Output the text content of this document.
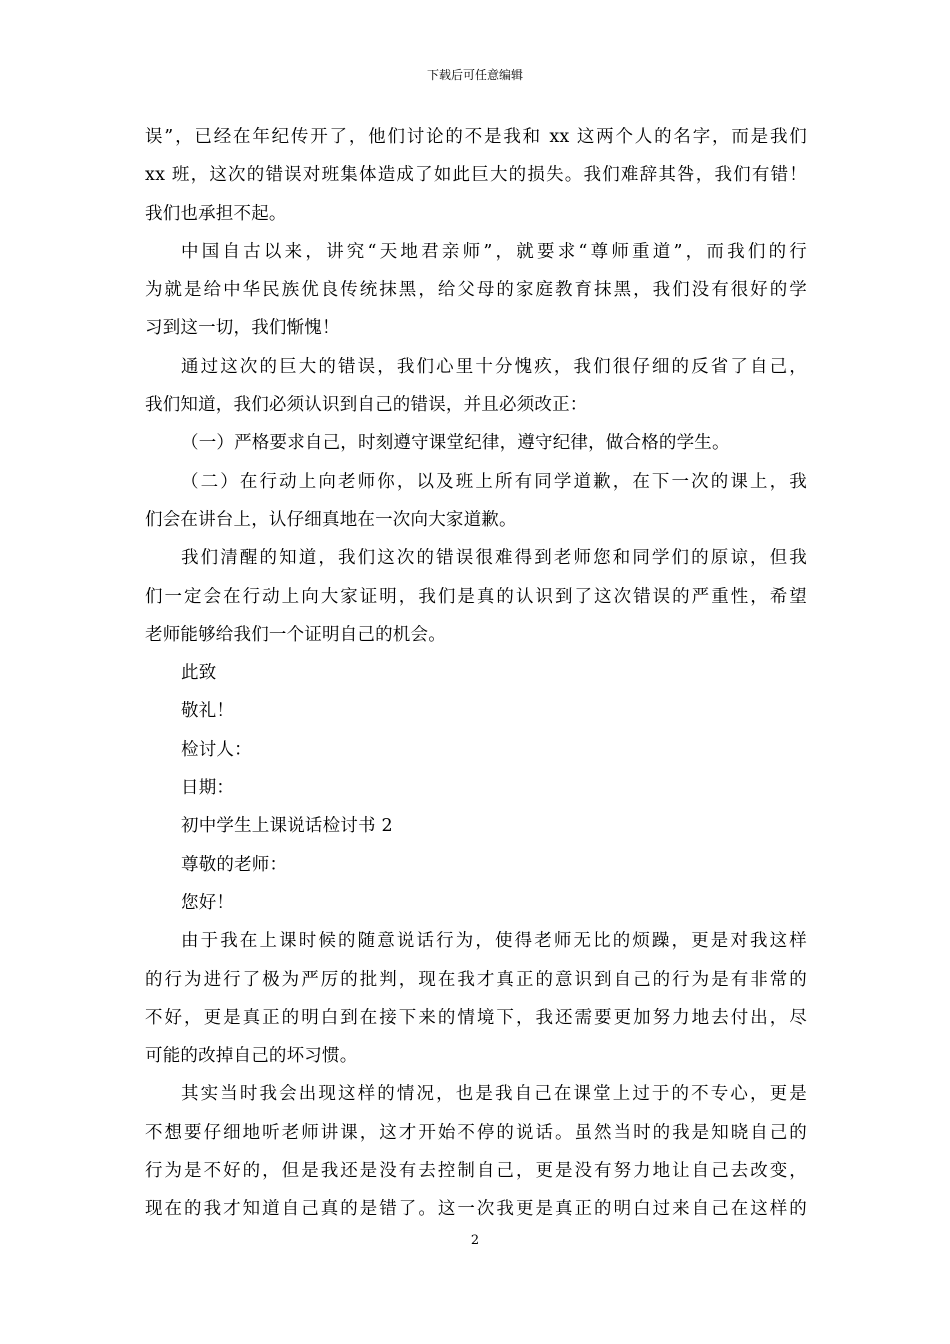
下载后可任意编辑
误”，已经在年纪传开了，他们讨论的不是我和 xx 这两个人的名字，而是我们
xx 班，这次的错误对班集体造成了如此巨大的损失。我们难辞其咎，我们有错！
我们也承担不起。
中国自古以来，讲究“天地君亲师”，就要求“尊师重道”，而我们的行
为就是给中华民族优良传统抹黑，给父母的家庭教育抹黑，我们没有很好的学
习到这一切，我们惭愧！
通过这次的巨大的错误，我们心里十分愧疚，我们很仔细的反省了自己，
我们知道，我们必须认识到自己的错误，并且必须改正：
（一）严格要求自己，时刻遵守课堂纪律，遵守纪律，做合格的学生。
（二）在行动上向老师你，以及班上所有同学道歉，在下一次的课上，我
们会在讲台上，认仔细真地在一次向大家道歉。
我们清醒的知道，我们这次的错误很难得到老师您和同学们的原谅，但我
们一定会在行动上向大家证明，我们是真的认识到了这次错误的严重性，希望
老师能够给我们一个证明自己的机会。
此致
敬礼！
检讨人：
日期：
初中学生上课说话检讨书 2
尊敬的老师：
您好！
由于我在上课时候的随意说话行为，使得老师无比的烦躁，更是对我这样
的行为进行了极为严厉的批判，现在我才真正的意识到自己的行为是有非常的
不好，更是真正的明白到在接下来的情境下，我还需要更加努力地去付出，尽
可能的改掉自己的坏习惯。
其实当时我会出现这样的情况，也是我自己在课堂上过于的不专心，更是
不想要仔细地听老师讲课，这才开始不停的说话。虽然当时的我是知晓自己的
行为是不好的，但是我还是没有去控制自己，更是没有努力地让自己去改变，
现在的我才知道自己真的是错了。这一次我更是真正的明白过来自己在这样的
2
